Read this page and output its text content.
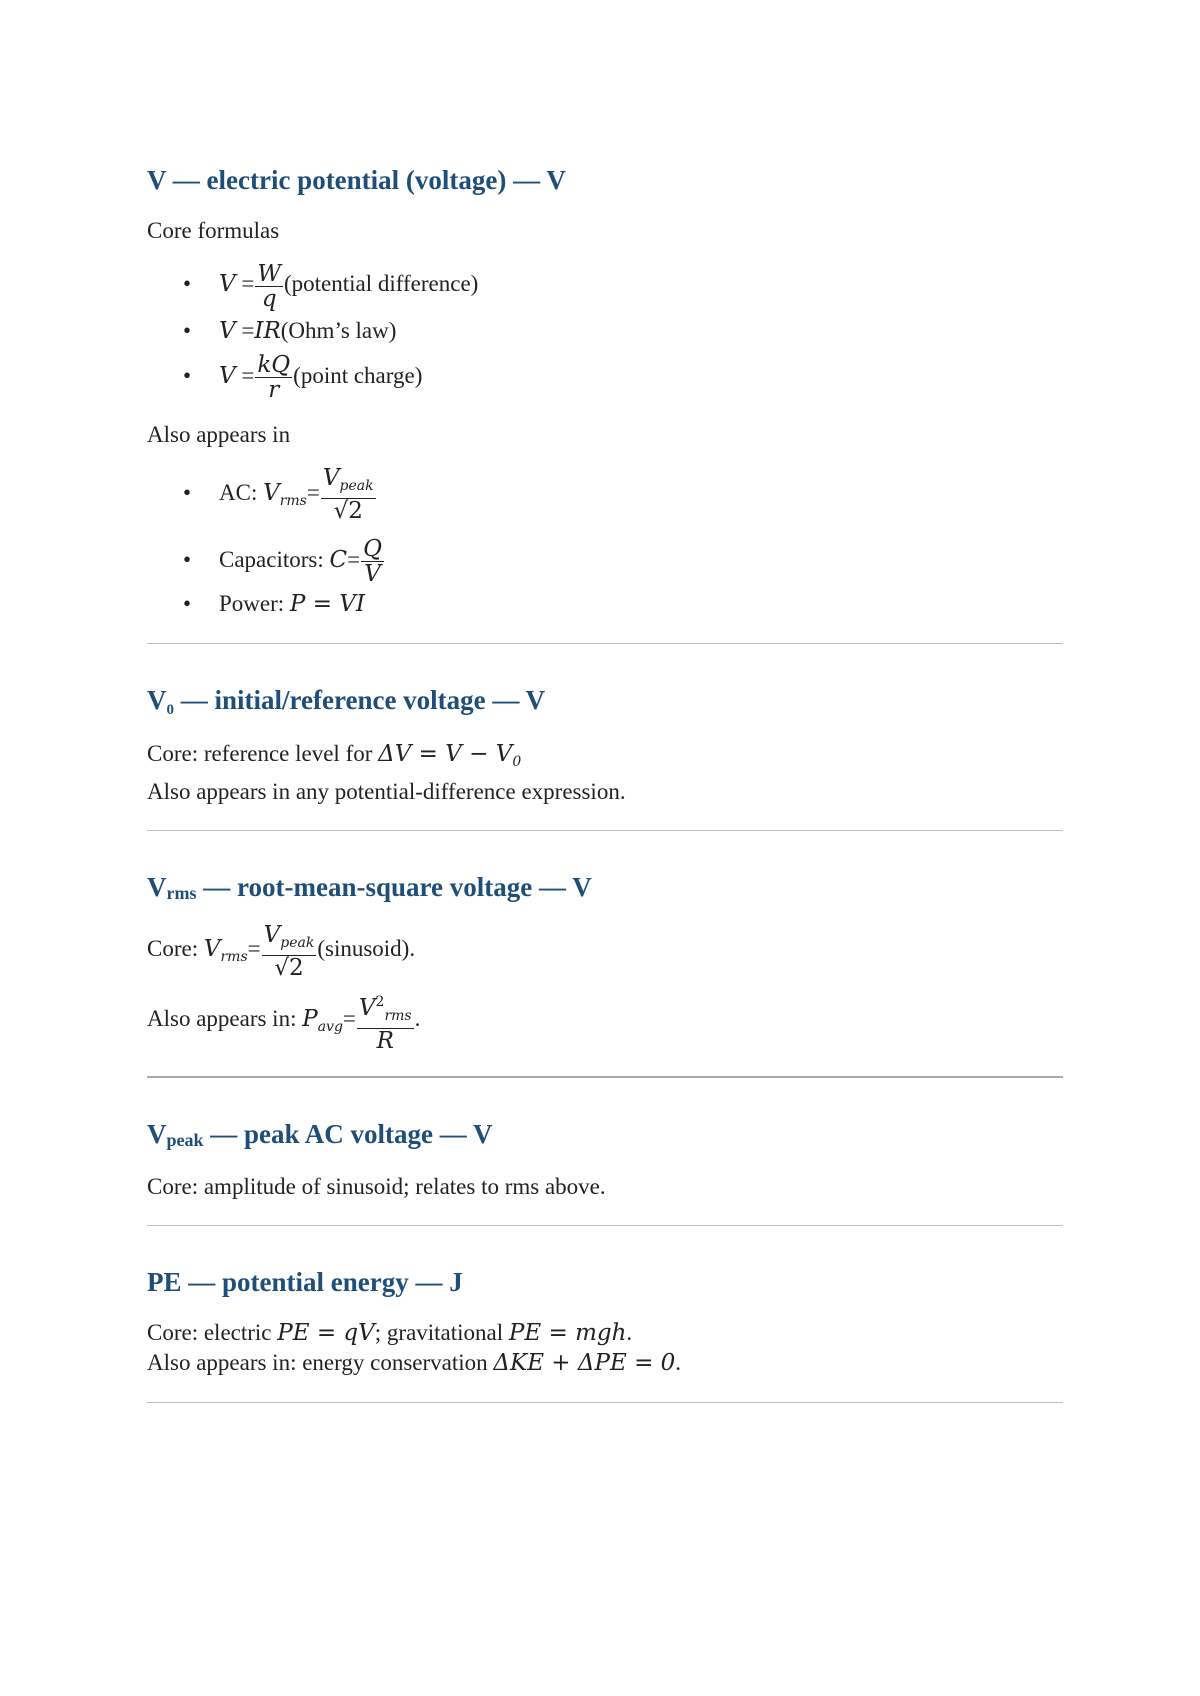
V — electric potential (voltage) — V

Core formulas

• $V = \frac{W}{q}$ (potential difference)
• V =IR(Ohm’s law)
• $V = \frac{kQ}{r}$ (point charge)

Also appears in

• AC: $V_{rms}= \frac{V_{peak}}{√2}$
• Capacitors: $C= \frac{Q}{V}$
• Power: P = VI
$V_0$ — initial/reference voltage — V

Core: reference level for $\Delta V = V - V_0$

Also appears in any potential-difference expression.

Vrms — root-mean-square voltage — V

Core: $V_{rms}= \frac{V_{peak}}{√2}$ (sinusoid).

Also appears in: $P_{avg}= \frac{V^2_{rms}}{R}$ .

Vpeak — peak AC voltage — V

Core: amplitude of sinusoid; relates to rms above.

PE — potential energy — J

Core: electric PE = qV; gravitational PE = mgh.

Also appears in: energy conservation ΔKE + ΔPE = 0.
